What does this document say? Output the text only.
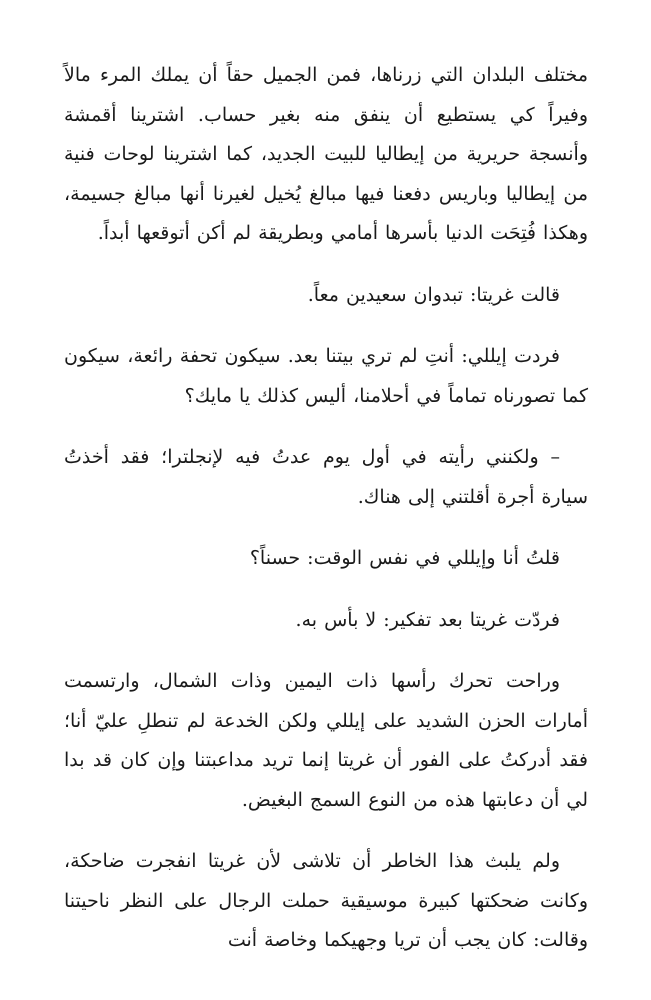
مختلف البلدان التي زرناها، فمن الجميل حقاً أن يملك المرء مالاً وفيراً كي يستطيع أن ينفق منه بغير حساب. اشترينا أقمشة وأنسجة حريرية من إيطاليا للبيت الجديد، كما اشترينا لوحات فنية من إيطاليا وباريس دفعنا فيها مبالغ يُخيل لغيرنا أنها مبالغ جسيمة، وهكذا فُتِحَت الدنيا بأسرها أمامي وبطريقة لم أكن أتوقعها أبداً.

قالت غريتا: تبدوان سعيدين معاً.

فردت إيللي: أنتِ لم تري بيتنا بعد. سيكون تحفة رائعة، سيكون كما تصورناه تماماً في أحلامنا، أليس كذلك يا مايك؟

– ولكنني رأيته في أول يوم عدتُ فيه لإنجلترا؛ فقد أخذتُ سيارة أجرة أقلتني إلى هناك.

قلتُ أنا وإيللي في نفس الوقت: حسناً؟

فردّت غريتا بعد تفكير: لا بأس به.

وراحت تحرك رأسها ذات اليمين وذات الشمال، وارتسمت أمارات الحزن الشديد على إيللي ولكن الخدعة لم تنطلِ عليّ أنا؛ فقد أدركتُ على الفور أن غريتا إنما تريد مداعبتنا وإن كان قد بدا لي أن دعابتها هذه من النوع السمج البغيض.

ولم يلبث هذا الخاطر أن تلاشى لأن غريتا انفجرت ضاحكة، وكانت ضحكتها كبيرة موسيقية حملت الرجال على النظر ناحيتنا وقالت: كان يجب أن تريا وجهيكما وخاصة أنت
